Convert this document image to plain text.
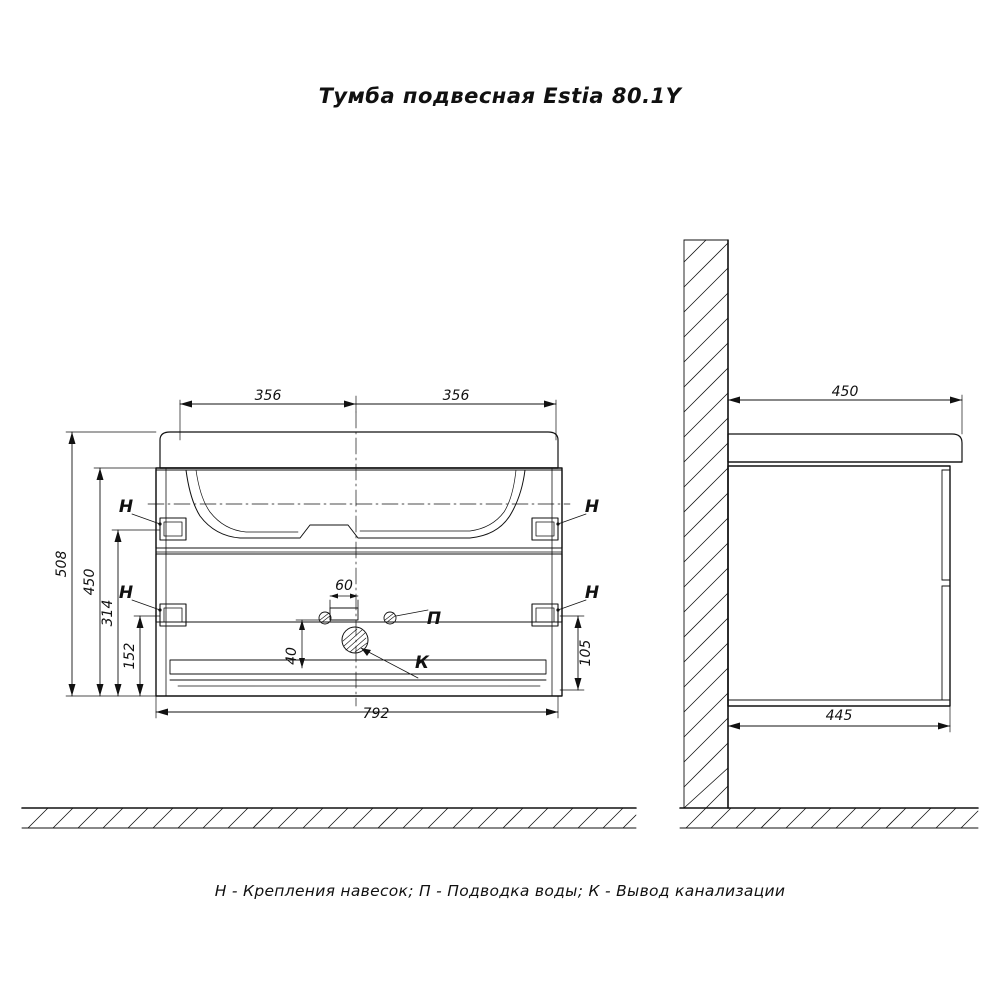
Тумба подвесная Estia 80.1Y
356	356
508
450
314
152	105
792
60
40
450
445
Н	Н
Н	Н
П
К
Н - Крепления навесок; П - Подводка воды; К - Вывод канализации
